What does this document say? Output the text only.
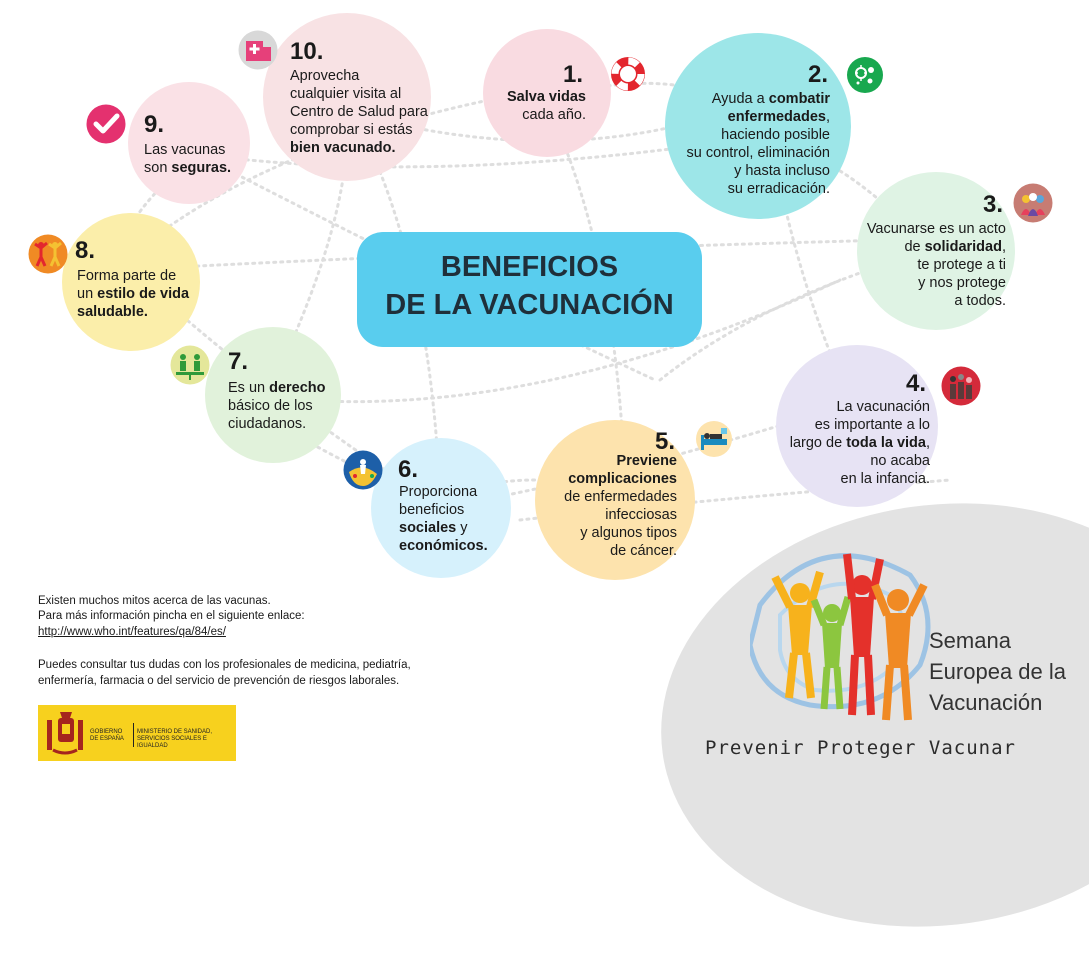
BENEFICIOS
DE LA VACUNACIÓN
1.	2.
3.
4.
5.
6.
7.
8.
9.
10.
Salva vidas
cada año.
Ayuda a combatir
enfermedades,
haciendo posible
su control, eliminación
y hasta incluso
su erradicación.
Vacunarse es un acto
de solidaridad,
te protege a ti
y nos protege
a todos.
La vacunación
es importante a lo
largo de toda la vida,
no acaba
en la infancia.
Previene
complicaciones
de enfermedades
infecciosas
y algunos tipos
de cáncer.
Proporciona
beneficios
sociales y
económicos.
Es un derecho
básico de los
ciudadanos.
Forma parte de
un estilo de vida
saludable.
Las vacunas
son seguras.
Aprovecha
cualquier visita al
Centro de Salud para
comprobar si estás
bien vacunado.
Existen muchos mitos acerca de las vacunas.
Para más información pincha en el siguiente enlace:
http://www.who.int/features/qa/84/es/
Puedes consultar tus dudas con los profesionales de medicina, pediatría,
enfermería, farmacia o del servicio de prevención de riesgos laborales.
GOBIERNO DE ESPAÑA
MINISTERIO DE SANIDAD, SERVICIOS SOCIALES E IGUALDAD
Semana
Europea de la
Vacunación
Prevenir Proteger Vacunar
